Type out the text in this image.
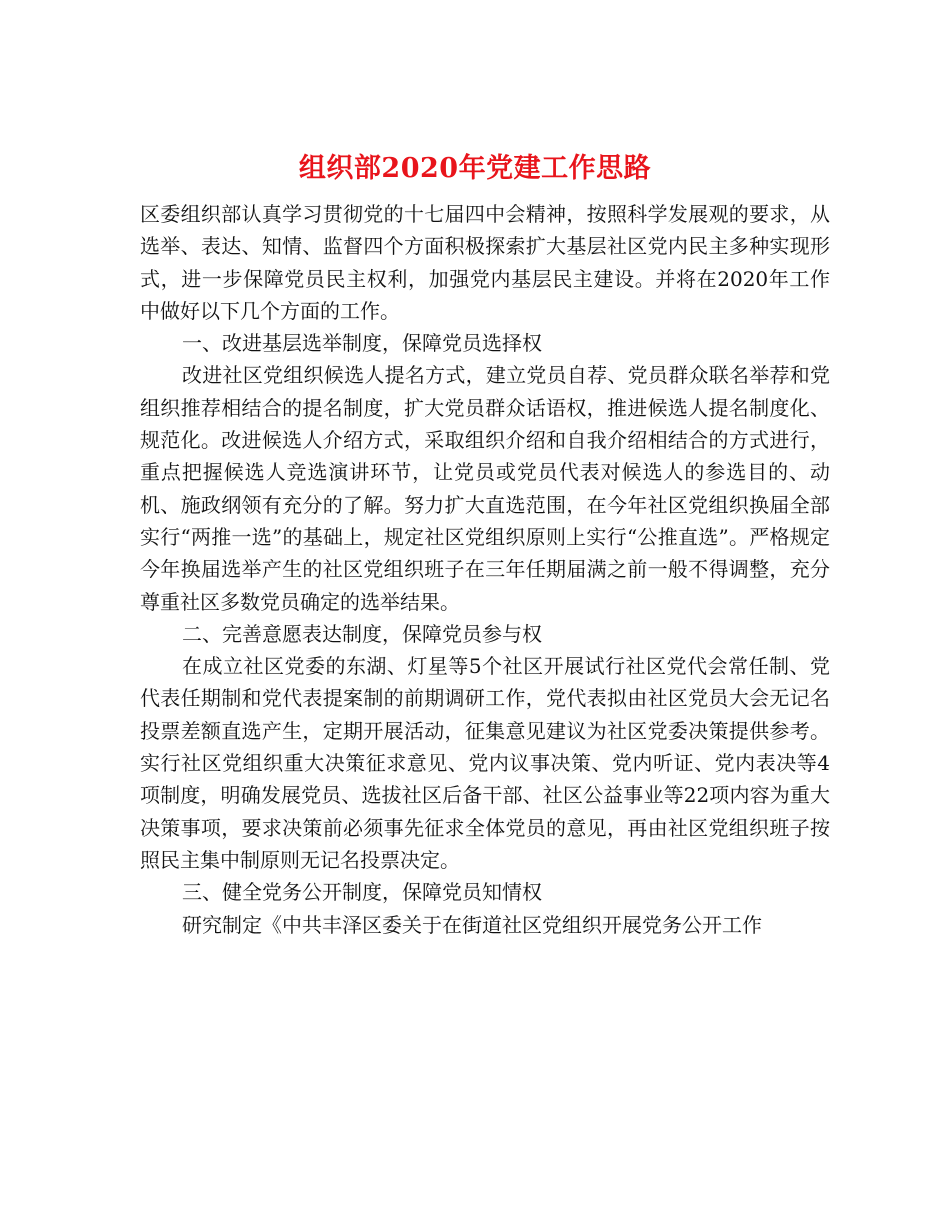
组织部2020年党建工作思路

区委组织部认真学习贯彻党的十七届四中会精神，按照科学发展观的要求，从选举、表达、知情、监督四个方面积极探索扩大基层社区党内民主多种实现形式，进一步保障党员民主权利，加强党内基层民主建设。并将在2020年工作中做好以下几个方面的工作。

一、改进基层选举制度，保障党员选择权

改进社区党组织候选人提名方式，建立党员自荐、党员群众联名举荐和党组织推荐相结合的提名制度，扩大党员群众话语权，推进候选人提名制度化、规范化。改进候选人介绍方式，采取组织介绍和自我介绍相结合的方式进行，重点把握候选人竞选演讲环节，让党员或党员代表对候选人的参选目的、动机、施政纲领有充分的了解。努力扩大直选范围，在今年社区党组织换届全部实行“两推一选”的基础上，规定社区党组织原则上实行“公推直选”。严格规定今年换届选举产生的社区党组织班子在三年任期届满之前一般不得调整，充分尊重社区多数党员确定的选举结果。

二、完善意愿表达制度，保障党员参与权

在成立社区党委的东湖、灯星等5个社区开展试行社区党代会常任制、党代表任期制和党代表提案制的前期调研工作，党代表拟由社区党员大会无记名投票差额直选产生，定期开展活动，征集意见建议为社区党委决策提供参考。实行社区党组织重大决策征求意见、党内议事决策、党内听证、党内表决等4项制度，明确发展党员、选拔社区后备干部、社区公益事业等22项内容为重大决策事项，要求决策前必须事先征求全体党员的意见，再由社区党组织班子按照民主集中制原则无记名投票决定。

三、健全党务公开制度，保障党员知情权

研究制定《中共丰泽区委关于在街道社区党组织开展党务公开工作
